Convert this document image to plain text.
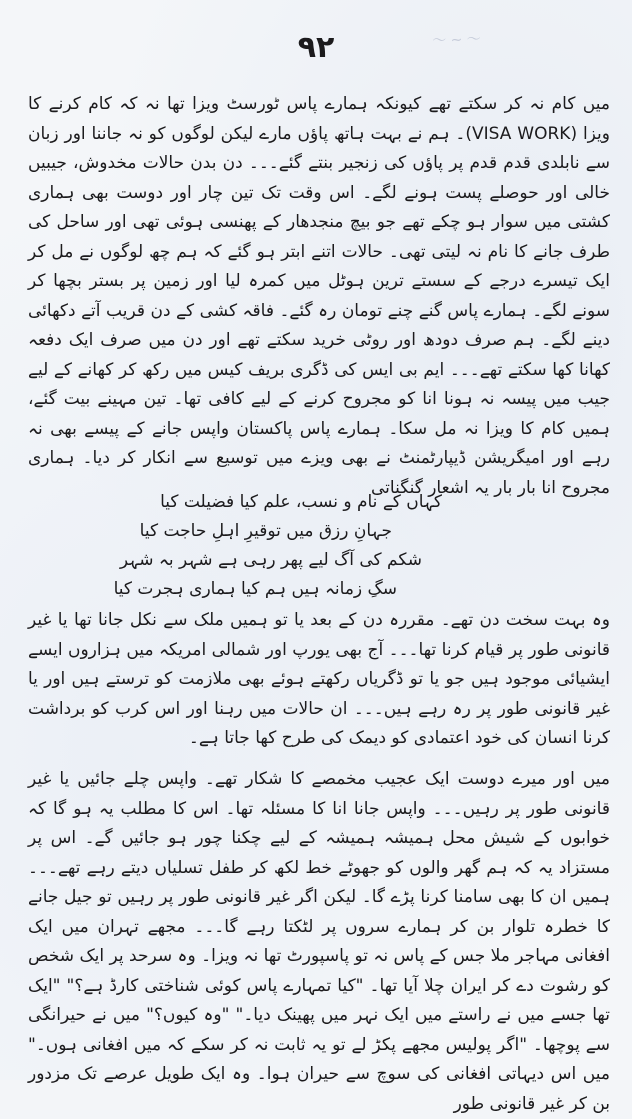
〜 ~ 〜
۹۲

میں کام نہ کر سکتے تھے کیونکہ ہمارے پاس ٹورسٹ ویزا تھا نہ کہ کام کرنے کا ویزا (VISA WORK)۔ ہم نے بہت ہاتھ پاؤں مارے لیکن لوگوں کو نہ جاننا اور زبان سے نابلدی قدم قدم پر پاؤں کی زنجیر بنتے گئے۔۔۔ دن بدن حالات مخدوش، جیبیں خالی اور حوصلے پست ہونے لگے۔ اس وقت تک تین چار اور دوست بھی ہماری کشتی میں سوار ہو چکے تھے جو بیچ منجدھار کے پھنسی ہوئی تھی اور ساحل کی طرف جانے کا نام نہ لیتی تھی۔ حالات اتنے ابتر ہو گئے کہ ہم چھ لوگوں نے مل کر ایک تیسرے درجے کے سستے ترین ہوٹل میں کمرہ لیا اور زمین پر بستر بچھا کر سونے لگے۔ ہمارے پاس گنے چنے تومان رہ گئے۔ فاقہ کشی کے دن قریب آتے دکھائی دینے لگے۔ ہم صرف دودھ اور روٹی خرید سکتے تھے اور دن میں صرف ایک دفعہ کھانا کھا سکتے تھے۔۔۔ ایم بی ایس کی ڈگری بریف کیس میں رکھ کر کھانے کے لیے جیب میں پیسہ نہ ہونا انا کو مجروح کرنے کے لیے کافی تھا۔ تین مہینے بیت گئے، ہمیں کام کا ویزا نہ مل سکا۔ ہمارے پاس پاکستان واپس جانے کے پیسے بھی نہ رہے اور امیگریشن ڈیپارٹمنٹ نے بھی ویزے میں توسیع سے انکار کر دیا۔ ہماری مجروح انا بار بار یہ اشعار گنگناتی

کہاں کے نام و نسب، علم کیا فضیلت کیا

جہانِ رزق میں توقیرِ اہلِ حاجت کیا

شکم کی آگ لیے پھر رہی ہے شہر بہ شہر

سگِ زمانہ ہیں ہم کیا ہماری ہجرت کیا

وہ بہت سخت دن تھے۔ مقررہ دن کے بعد یا تو ہمیں ملک سے نکل جانا تھا یا غیر قانونی طور پر قیام کرنا تھا۔۔۔ آج بھی یورپ اور شمالی امریکہ میں ہزاروں ایسے ایشیائی موجود ہیں جو یا تو ڈگریاں رکھتے ہوئے بھی ملازمت کو ترستے ہیں اور یا غیر قانونی طور پر رہ رہے ہیں۔۔۔ ان حالات میں رہنا اور اس کرب کو برداشت کرنا انسان کی خود اعتمادی کو دیمک کی طرح کھا جاتا ہے۔

میں اور میرے دوست ایک عجیب مخمصے کا شکار تھے۔ واپس چلے جائیں یا غیر قانونی طور پر رہیں۔۔۔ واپس جانا انا کا مسئلہ تھا۔ اس کا مطلب یہ ہو گا کہ خوابوں کے شیش محل ہمیشہ ہمیشہ کے لیے چکنا چور ہو جائیں گے۔ اس پر مستزاد یہ کہ ہم گھر والوں کو جھوٹے خط لکھ کر طفل تسلیاں دیتے رہے تھے۔۔۔ ہمیں ان کا بھی سامنا کرنا پڑے گا۔ لیکن اگر غیر قانونی طور پر رہیں تو جیل جانے کا خطرہ تلوار بن کر ہمارے سروں پر لٹکتا رہے گا۔۔۔ مجھے تہران میں ایک افغانی مہاجر ملا جس کے پاس نہ تو پاسپورٹ تھا نہ ویزا۔ وہ سرحد پر ایک شخص کو رشوت دے کر ایران چلا آیا تھا۔ "کیا تمہارے پاس کوئی شناختی کارڈ ہے؟" "ایک تھا جسے میں نے راستے میں ایک نہر میں پھینک دیا۔" "وہ کیوں؟" میں نے حیرانگی سے پوچھا۔ "اگر پولیس مجھے پکڑ لے تو یہ ثابت نہ کر سکے کہ میں افغانی ہوں۔" میں اس دیہاتی افغانی کی سوچ سے حیران ہوا۔ وہ ایک طویل عرصے تک مزدور بن کر غیر قانونی طور
